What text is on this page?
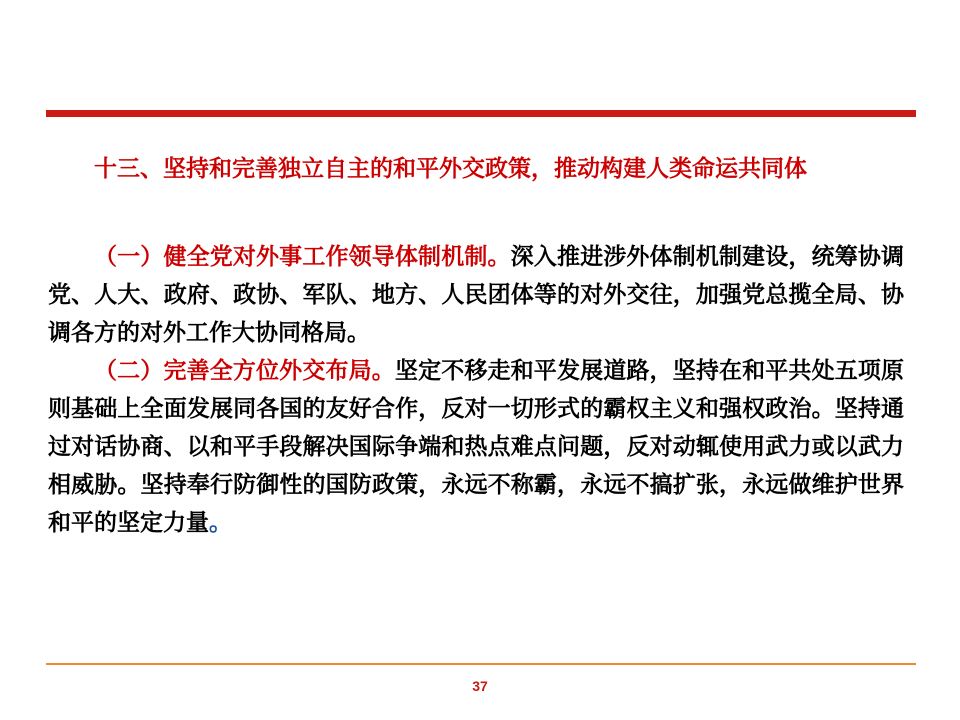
十三、坚持和完善独立自主的和平外交政策，推动构建人类命运共同体

（一）健全党对外事工作领导体制机制。深入推进涉外体制机制建设，统筹协调党、人大、政府、政协、军队、地方、人民团体等的对外交往，加强党总揽全局、协调各方的对外工作大协同格局。

（二）完善全方位外交布局。坚定不移走和平发展道路，坚持在和平共处五项原则基础上全面发展同各国的友好合作，反对一切形式的霸权主义和强权政治。坚持通过对话协商、以和平手段解决国际争端和热点难点问题，反对动辄使用武力或以武力相威胁。坚持奉行防御性的国防政策，永远不称霸，永远不搞扩张，永远做维护世界和平的坚定力量。

37
